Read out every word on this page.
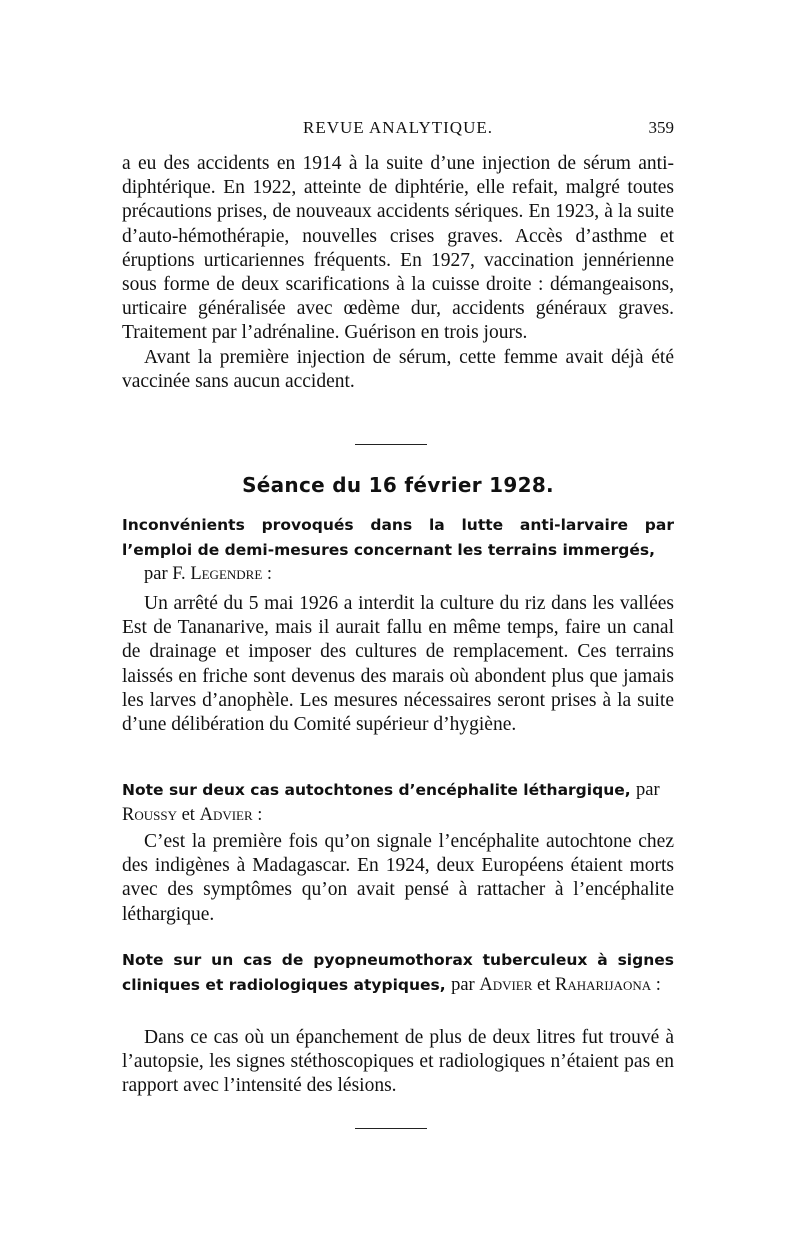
REVUE ANALYTIQUE.	359

a eu des accidents en 1914 à la suite d’une injection de sérum anti-diphtérique. En 1922, atteinte de diphtérie, elle refait, malgré toutes précautions prises, de nouveaux accidents sériques. En 1923, à la suite d’auto-hémothérapie, nouvelles crises graves. Accès d’asthme et éruptions urticariennes fréquents. En 1927, vaccination jennérienne sous forme de deux scarifications à la cuisse droite : démangeaisons, urticaire généralisée avec œdème dur, accidents généraux graves. Traitement par l’adrénaline. Guérison en trois jours.

Avant la première injection de sérum, cette femme avait déjà été vaccinée sans aucun accident.

Séance du 16 février 1928.
Inconvénients provoqués dans la lutte anti-larvaire par l’emploi de demi-mesures concernant les terrains immergés,
par F. Legendre :
Un arrêté du 5 mai 1926 a interdit la culture du riz dans les vallées Est de Tananarive, mais il aurait fallu en même temps, faire un canal de drainage et imposer des cultures de remplacement. Ces terrains laissés en friche sont devenus des marais où abondent plus que jamais les larves d’anophèle. Les mesures nécessaires seront prises à la suite d’une délibération du Comité supérieur d’hygiène.
Note sur deux cas autochtones d’encéphalite léthargique, par
Roussy et Advier :
C’est la première fois qu’on signale l’encéphalite autochtone chez des indigènes à Madagascar. En 1924, deux Européens étaient morts avec des symptômes qu’on avait pensé à rattacher à l’encéphalite léthargique.
Note sur un cas de pyopneumothorax tuberculeux à signes cliniques et radiologiques atypiques, par Advier et Raharijaona :
Dans ce cas où un épanchement de plus de deux litres fut trouvé à l’autopsie, les signes stéthoscopiques et radiologiques n’étaient pas en rapport avec l’intensité des lésions.
